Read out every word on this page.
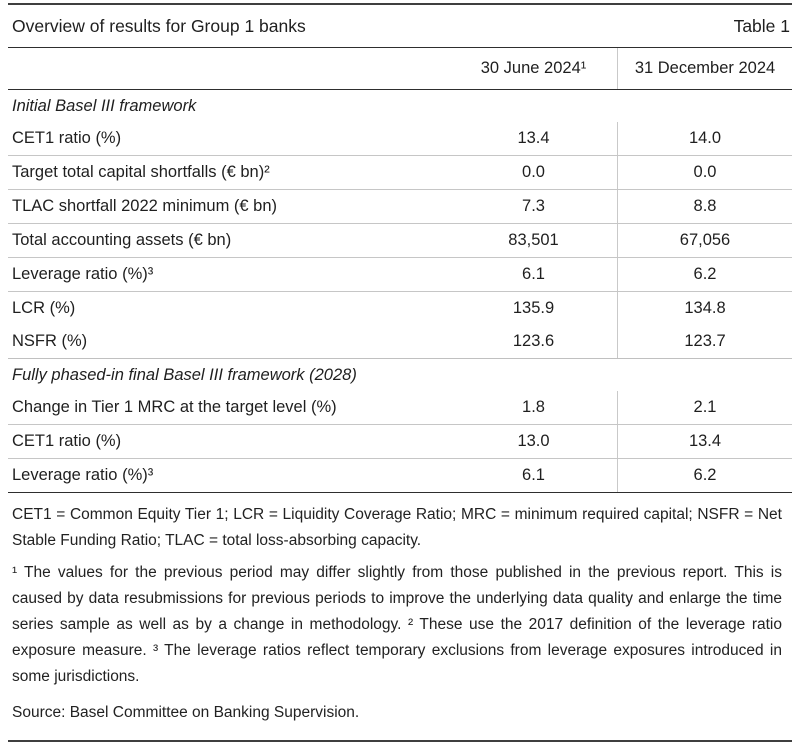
Overview of results for Group 1 banks	Table 1
30 June 2024¹	31 December 2024
Initial Basel III framework
CET1 ratio (%)	13.4	14.0
Target total capital shortfalls (€ bn)²	0.0	0.0
TLAC shortfall 2022 minimum (€ bn)	7.3	8.8
Total accounting assets (€ bn)	83,501	67,056
Leverage ratio (%)³	6.1	6.2
LCR (%)	135.9	134.8
NSFR (%)	123.6	123.7
Fully phased-in final Basel III framework (2028)
Change in Tier 1 MRC at the target level (%)	1.8	2.1
CET1 ratio (%)	13.0	13.4
Leverage ratio (%)³	6.1	6.2

CET1 = Common Equity Tier 1; LCR = Liquidity Coverage Ratio; MRC = minimum required capital; NSFR = Net Stable Funding Ratio; TLAC = total loss-absorbing capacity.

¹ The values for the previous period may differ slightly from those published in the previous report. This is caused by data resubmissions for previous periods to improve the underlying data quality and enlarge the time series sample as well as by a change in methodology. ² These use the 2017 definition of the leverage ratio exposure measure. ³ The leverage ratios reflect temporary exclusions from leverage exposures introduced in some jurisdictions.

Source: Basel Committee on Banking Supervision.
